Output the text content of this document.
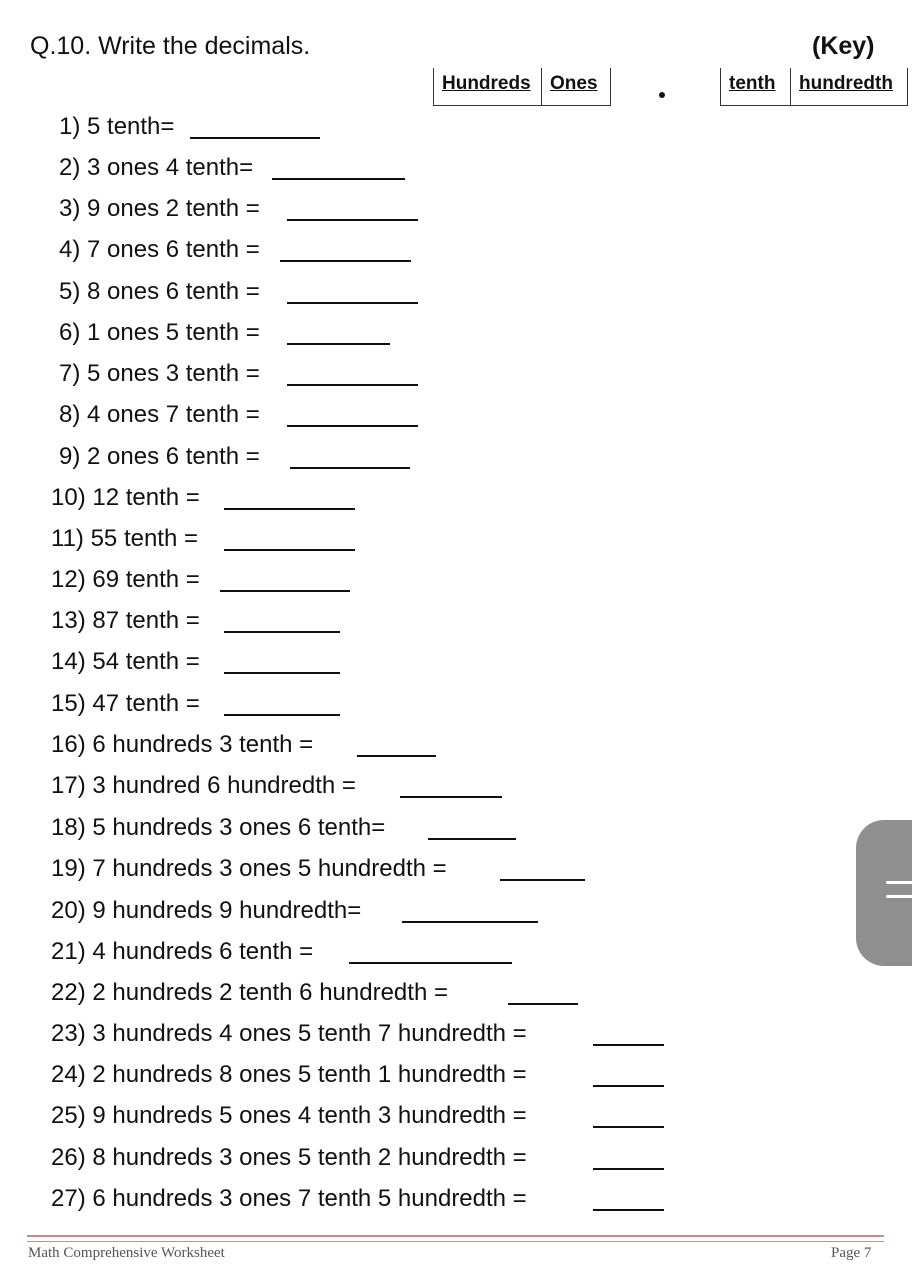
Q.10. Write the decimals.	(Key)
Hundreds	Ones	tenth	hundredth
1) 5 tenth=
2) 3 ones 4 tenth=
3) 9 ones 2 tenth =
4) 7 ones 6 tenth =
5) 8 ones 6 tenth =
6) 1 ones 5 tenth =
7) 5 ones 3 tenth =
8) 4 ones 7 tenth =
9) 2 ones 6 tenth =
10) 12 tenth =
11) 55 tenth =
12) 69 tenth =
13) 87 tenth =
14) 54 tenth =
15) 47 tenth =
16) 6 hundreds 3 tenth =
17) 3 hundred 6 hundredth =
18) 5 hundreds 3 ones 6 tenth=
19) 7 hundreds 3 ones 5 hundredth =
20) 9 hundreds 9 hundredth=
21) 4 hundreds 6 tenth =
22) 2 hundreds 2 tenth 6 hundredth =
23) 3 hundreds 4 ones 5 tenth 7 hundredth =
24) 2 hundreds 8 ones 5 tenth 1 hundredth =
25) 9 hundreds 5 ones 4 tenth 3 hundredth =
26) 8 hundreds 3 ones 5 tenth 2 hundredth =
27) 6 hundreds 3 ones 7 tenth 5 hundredth =
Math Comprehensive Worksheet	Page 7
